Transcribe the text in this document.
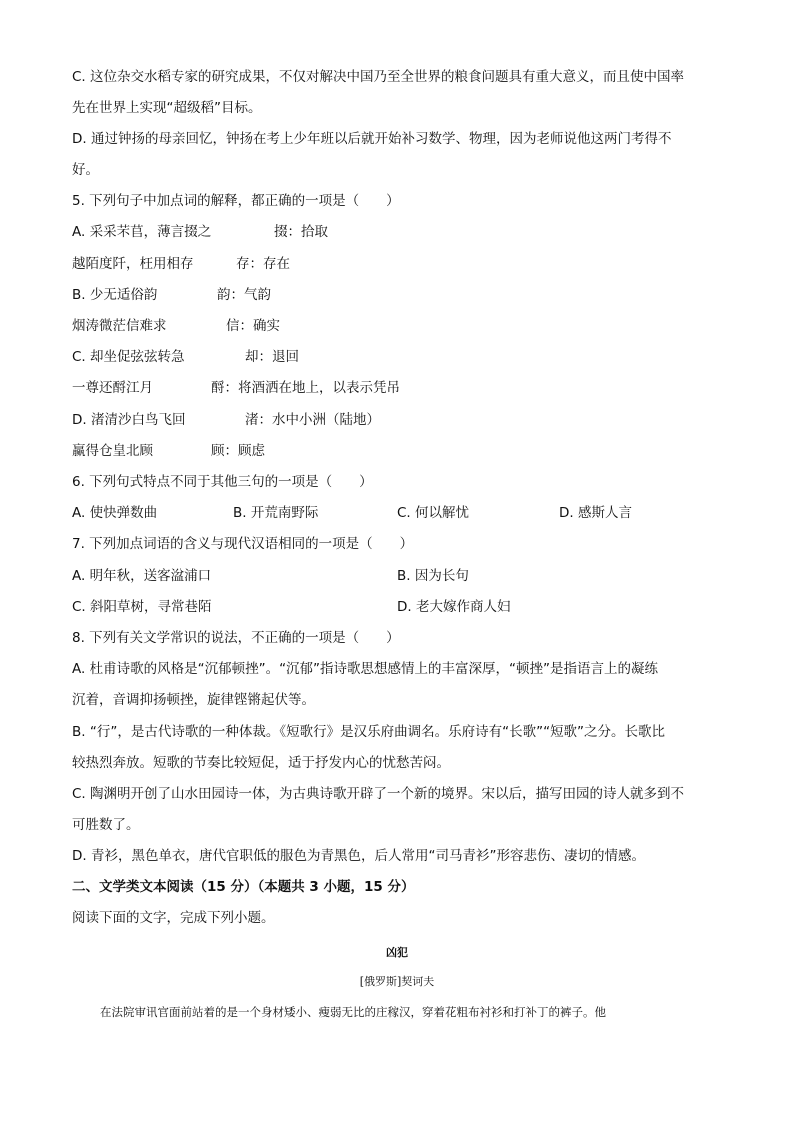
C. 这位杂交水稻专家的研究成果，不仅对解决中国乃至全世界的粮食问题具有重大意义，而且使中国率
先在世界上实现“超级稻”目标。
D. 通过钟扬的母亲回忆，钟扬在考上少年班以后就开始补习数学、物理，因为老师说他这两门考得不
好。
5. 下列句子中加点词的解释，都正确的一项是（　　）
A. 采采芣苢，薄言掇之	掇：拾取
越陌度阡，枉用相存	存：存在
B. 少无适俗韵	韵：气韵
烟涛微茫信难求	信：确实
C. 却坐促弦弦转急	却：退回
一尊还酹江月	酹：将酒洒在地上，以表示凭吊
D. 渚清沙白鸟飞回	渚：水中小洲（陆地）
赢得仓皇北顾	顾：顾虑
6. 下列句式特点不同于其他三句的一项是（　　）
A. 使快弹数曲	B. 开荒南野际	C. 何以解忧	D. 感斯人言
7. 下列加点词语的含义与现代汉语相同的一项是（　　）
A. 明年秋，送客湓浦口	B. 因为长句
C. 斜阳草树，寻常巷陌	D. 老大嫁作商人妇
8. 下列有关文学常识的说法，不正确的一项是（　　）
A. 杜甫诗歌的风格是“沉郁顿挫”。“沉郁”指诗歌思想感情上的丰富深厚，“顿挫”是指语言上的凝练
沉着，音调抑扬顿挫，旋律铿锵起伏等。
B. “行”，是古代诗歌的一种体裁。《短歌行》是汉乐府曲调名。乐府诗有“长歌”“短歌”之分。长歌比
较热烈奔放。短歌的节奏比较短促，适于抒发内心的忧愁苦闷。
C. 陶渊明开创了山水田园诗一体，为古典诗歌开辟了一个新的境界。宋以后，描写田园的诗人就多到不
可胜数了。
D. 青衫，黑色单衣，唐代官职低的服色为青黑色，后人常用“司马青衫”形容悲伤、凄切的情感。
二、文学类文本阅读（15 分）（本题共 3 小题，15 分）
阅读下面的文字，完成下列小题。
凶犯
[俄罗斯]契诃夫
在法院审讯官面前站着的是一个身材矮小、瘦弱无比的庄稼汉，穿着花粗布衬衫和打补丁的裤子。他
